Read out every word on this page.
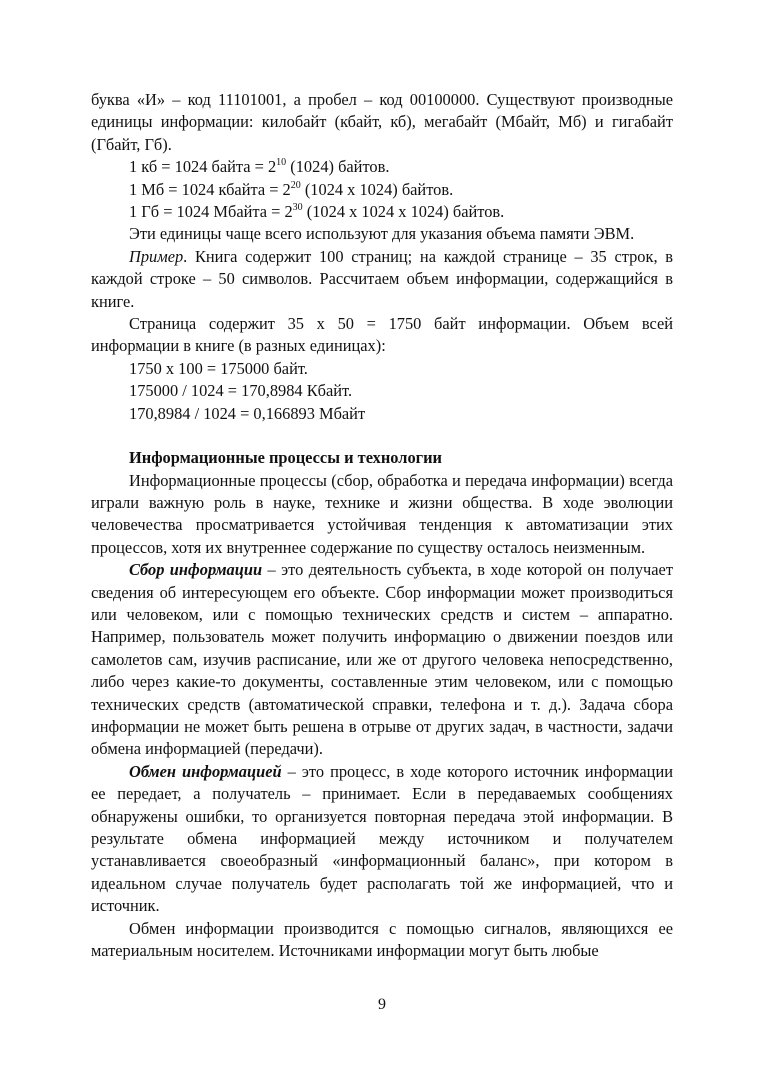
буква «И» – код 11101001, а пробел – код 00100000. Существуют производные единицы информации: килобайт (кбайт, кб), мегабайт (Мбайт, Мб) и гигабайт (Гбайт, Гб).

1 кб = 1024 байта = $2^{10}$ (1024) байтов.

1 Мб = 1024 кбайта = $2^{20}$ (1024 х 1024) байтов.

1 Гб = 1024 Мбайта = $2^{30}$ (1024 х 1024 х 1024) байтов.

Эти единицы чаще всего используют для указания объема памяти ЭВМ.

Пример. Книга содержит 100 страниц; на каждой странице – 35 строк, в каждой строке – 50 символов. Рассчитаем объем информации, содержащийся в книге.

Страница содержит 35 х 50 = 1750 байт информации. Объем всей информации в книге (в разных единицах):

1750 х 100 = 175000 байт.

175000 / 1024 = 170,8984 Кбайт.

170,8984 / 1024 = 0,166893 Мбайт

Информационные процессы и технологии

Информационные процессы (сбор, обработка и передача информации) всегда играли важную роль в науке, технике и жизни общества. В ходе эволюции человечества просматривается устойчивая тенденция к автоматизации этих процессов, хотя их внутреннее содержание по существу осталось неизменным.

Сбор информации – это деятельность субъекта, в ходе которой он получает сведения об интересующем его объекте. Сбор информации может производиться или человеком, или с помощью технических средств и систем – аппаратно. Например, пользователь может получить информацию о движении поездов или самолетов сам, изучив расписание, или же от другого человека непосредственно, либо через какие-то документы, составленные этим человеком, или с помощью технических средств (автоматической справки, телефона и т. д.). Задача сбора информации не может быть решена в отрыве от других задач, в частности, задачи обмена информацией (передачи).

Обмен информацией – это процесс, в ходе которого источник информации ее передает, а получатель – принимает. Если в передаваемых сообщениях обнаружены ошибки, то организуется повторная передача этой информации. В результате обмена информацией между источником и получателем устанавливается своеобразный «информационный баланс», при котором в идеальном случае получатель будет располагать той же информацией, что и источник.

Обмен информации производится с помощью сигналов, являющихся ее материальным носителем. Источниками информации могут быть любые

9
